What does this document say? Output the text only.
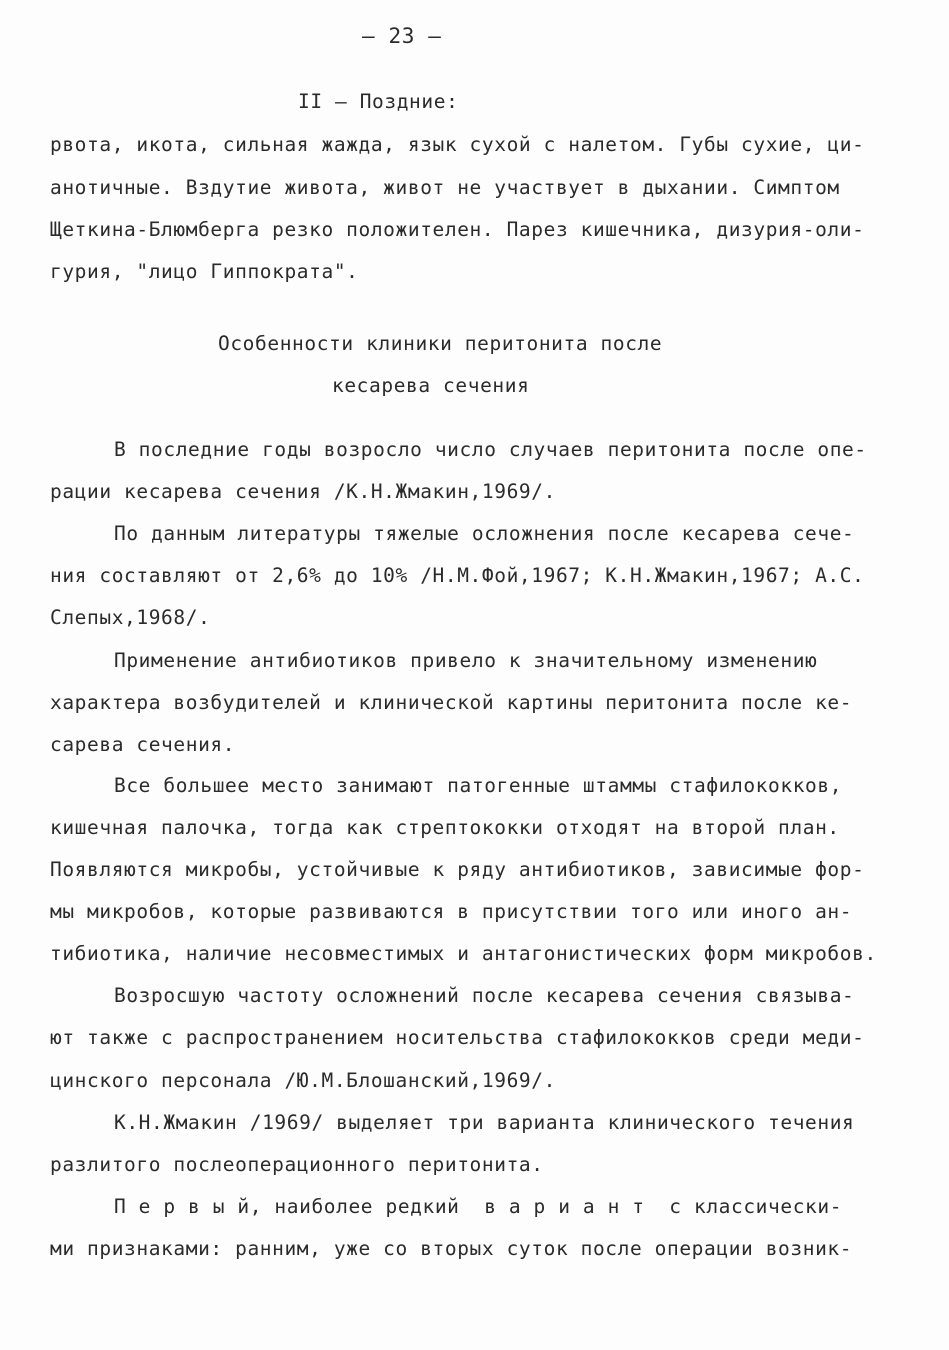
– 23 –
II – Поздние:
рвота, икота, сильная жажда, язык сухой с налетом. Губы сухие, ци-
анотичные. Вздутие живота, живот не участвует в дыхании. Симптом
Щеткина-Блюмберга резко положителен. Парез кишечника, дизурия-оли-
гурия, "лицо Гиппократа".
Особенности клиники перитонита после
кесарева сечения
В последние годы возросло число случаев перитонита после опе-
рации кесарева сечения /К.Н.Жмакин,1969/.
По данным литературы тяжелые осложнения после кесарева сече-
ния составляют от 2,6% до 10% /Н.М.Фой,1967; К.Н.Жмакин,1967; А.С.
Слепых,1968/.
Применение антибиотиков привело к значительному изменению
характера возбудителей и клинической картины перитонита после ке-
сарева сечения.
Все большее место занимают патогенные штаммы стафилококков,
кишечная палочка, тогда как стрептококки отходят на второй план.
Появляются микробы, устойчивые к ряду антибиотиков, зависимые фор-
мы микробов, которые развиваются в присутствии того или иного ан-
тибиотика, наличие несовместимых и антагонистических форм микробов.
Возросшую частоту осложнений после кесарева сечения связыва-
ют также с распространением носительства стафилококков среди меди-
цинского персонала /Ю.М.Блошанский,1969/.
К.Н.Жмакин /1969/ выделяет три варианта клинического течения
разлитого послеоперационного перитонита.
П е р в ы й, наиболее редкий  в а р и а н т  с классически-
ми признаками: ранним, уже со вторых суток после операции возник-
